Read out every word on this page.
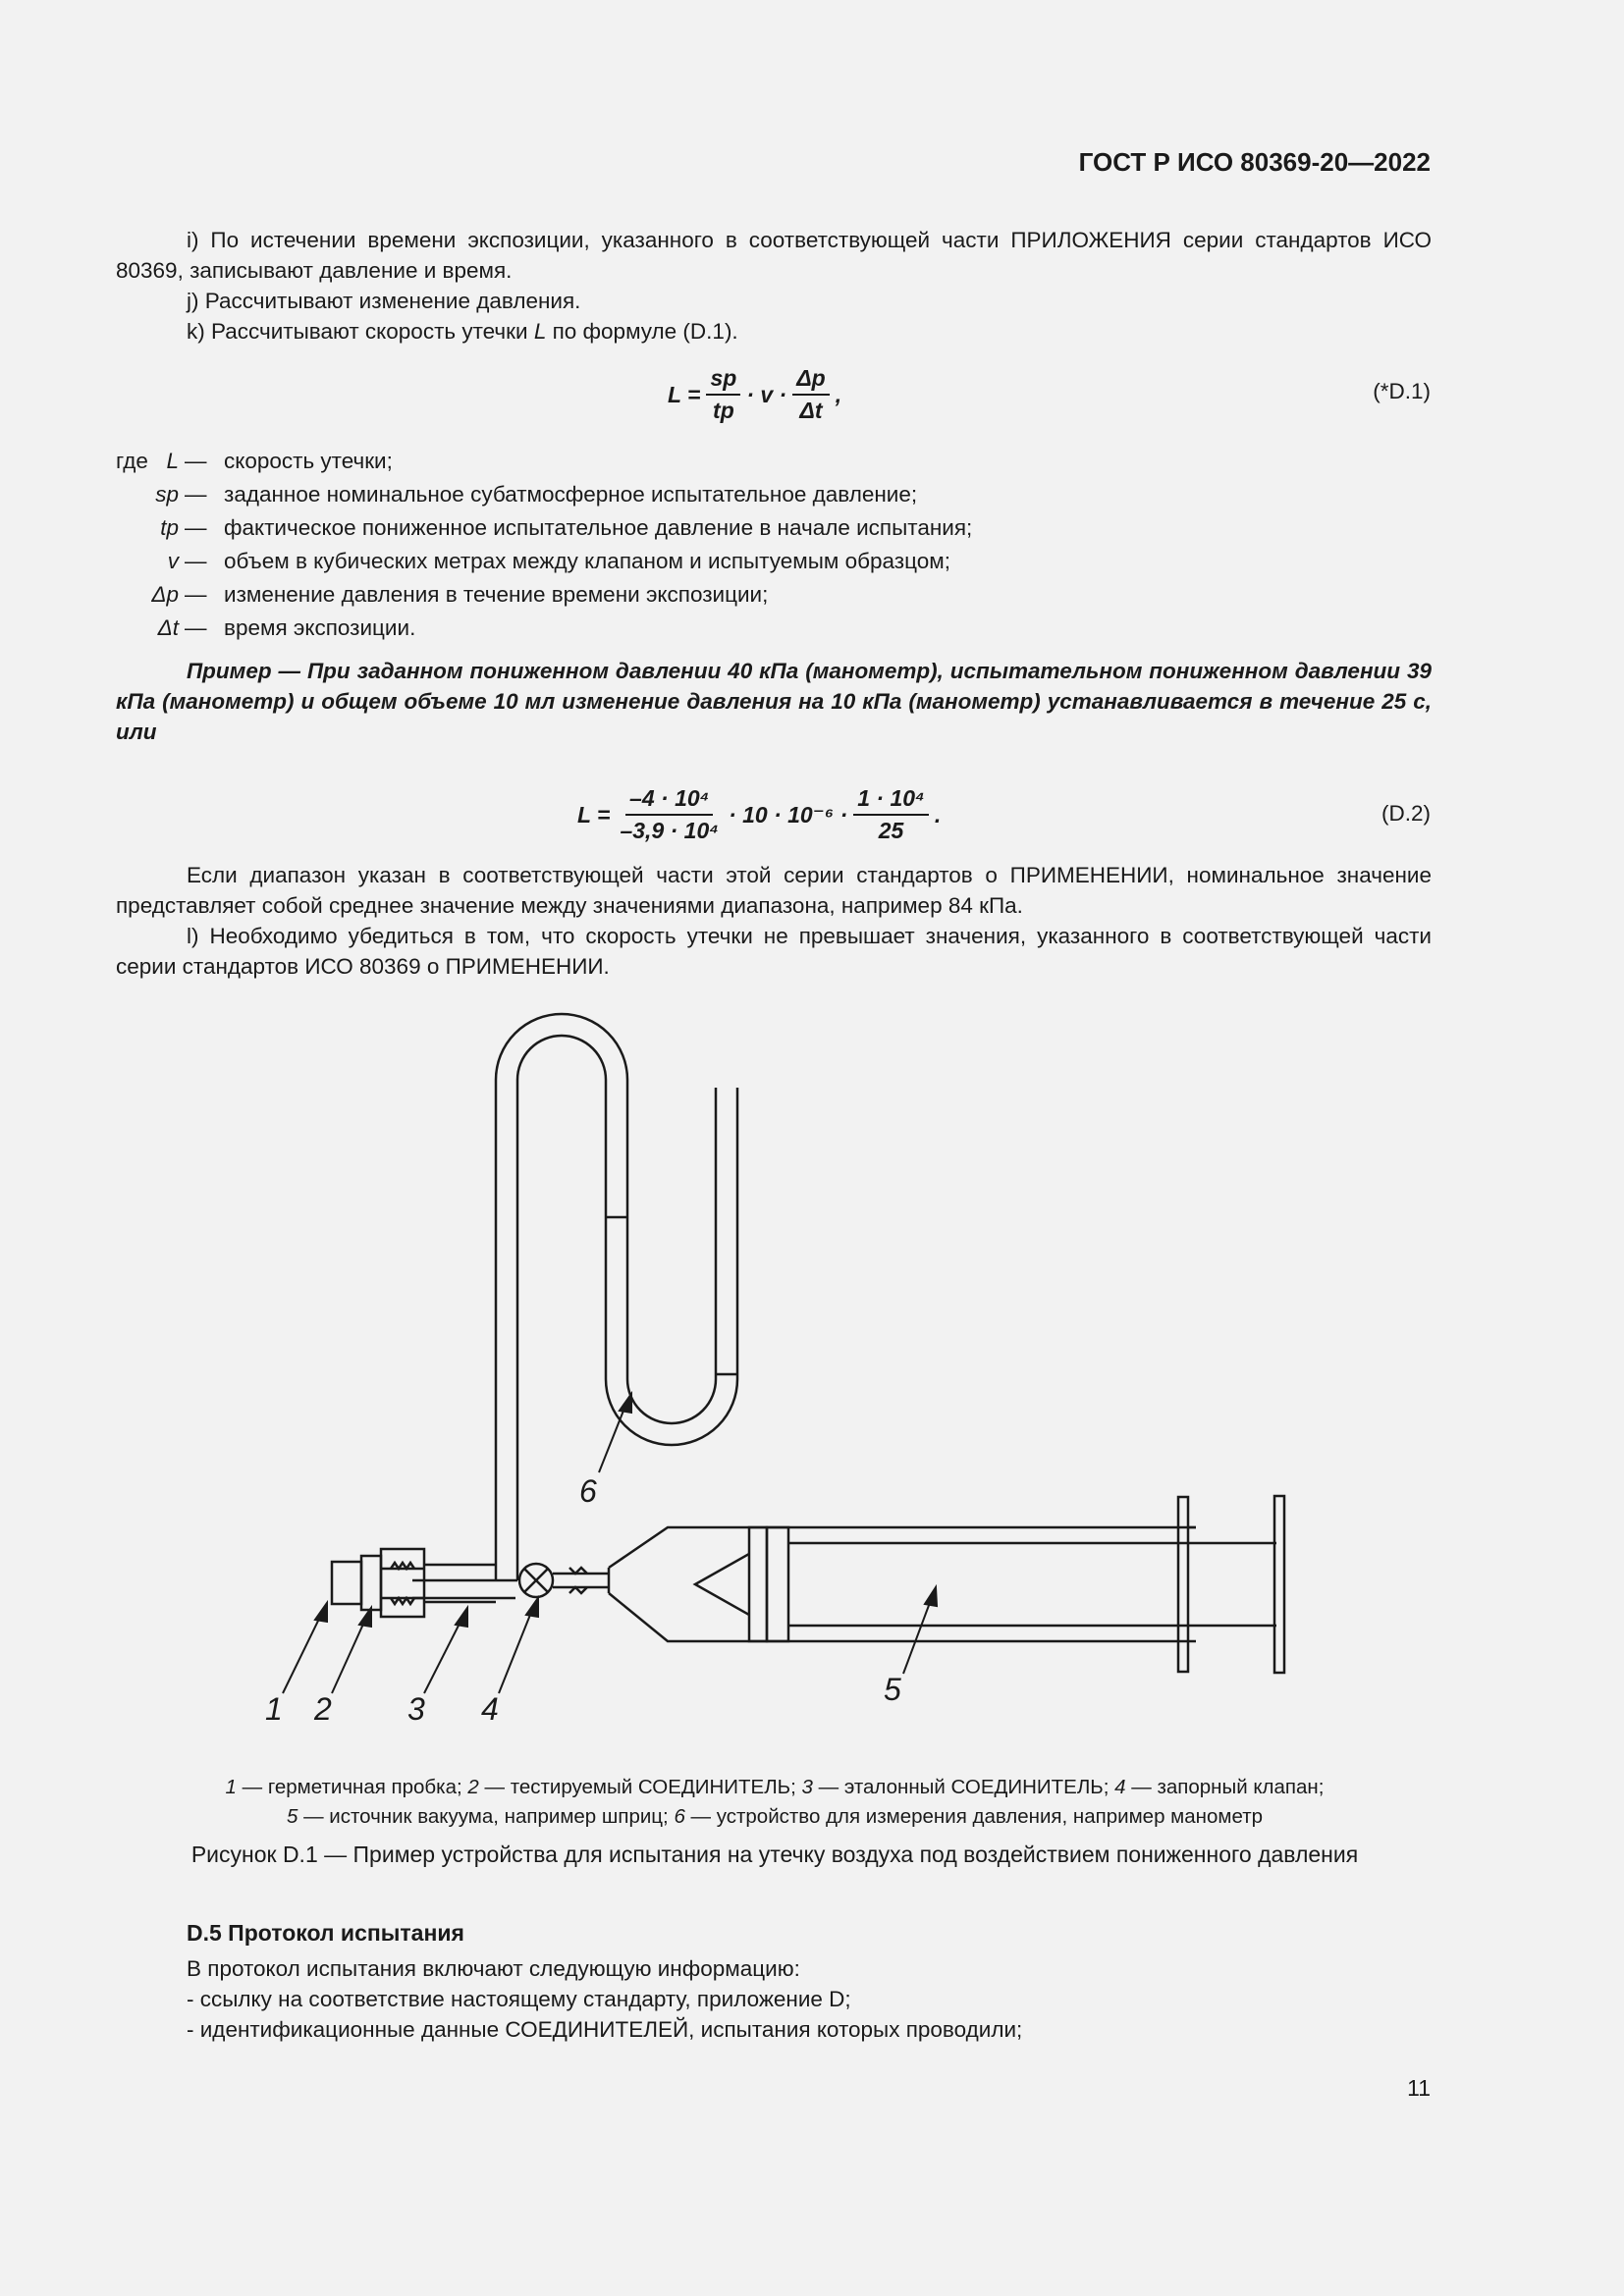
ГОСТ Р ИСО 80369-20—2022
i) По истечении времени экспозиции, указанного в соответствующей части ПРИЛОЖЕНИЯ серии стандартов ИСО 80369, записывают давление и время.
j) Рассчитывают изменение давления.
k) Рассчитывают скорость утечки L по формуле (D.1).
$L = \frac{sp}{tp} \cdot v \cdot \frac{\Delta p}{\Delta t}$ ,	(*D.1)
где L — скорость утечки;
sp — заданное номинальное субатмосферное испытательное давление;
tp — фактическое пониженное испытательное давление в начале испытания;
v — объем в кубических метрах между клапаном и испытуемым образцом;
Δp — изменение давления в течение времени экспозиции;
Δt — время экспозиции.
Пример — При заданном пониженном давлении 40 кПа (манометр), испытательном пониженном давлении 39 кПа (манометр) и общем объеме 10 мл изменение давления на 10 кПа (манометр) устанавливается в течение 25 с, или
$L = \frac{\text{–4 · 10⁴}}{\text{–3,9 · 10⁴}} \cdot 10 \cdot 10^{-6} \cdot \frac{\text{1 · 10⁴}}{25}$ .	(D.2)
Если диапазон указан в соответствующей части этой серии стандартов о ПРИМЕНЕНИИ, номинальное значение представляет собой среднее значение между значениями диапазона, например 84 кПа.
l) Необходимо убедиться в том, что скорость утечки не превышает значения, указанного в соответствующей части серии стандартов ИСО 80369 о ПРИМЕНЕНИИ.
1 2 3 4
5
6
1 — герметичная пробка; 2 — тестируемый СОЕДИНИТЕЛЬ; 3 — эталонный СОЕДИНИТЕЛЬ; 4 — запорный клапан;
5 — источник вакуума, например шприц; 6 — устройство для измерения давления, например манометр
Рисунок D.1 — Пример устройства для испытания на утечку воздуха под воздействием пониженного давления
D.5 Протокол испытания
В протокол испытания включают следующую информацию:
- ссылку на соответствие настоящему стандарту, приложение D;
- идентификационные данные СОЕДИНИТЕЛЕЙ, испытания которых проводили;
11
